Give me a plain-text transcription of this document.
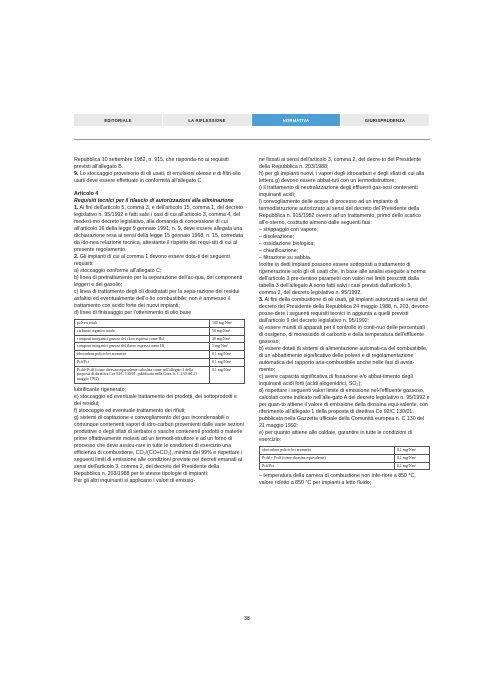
EDITORIALE	LA RIFLESSIONE	NORMATIVA	GIURISPRUDENZA

Repubblica 10 settembre 1982, n. 915, che risponda-no ai requisiti previsti all'allegato B.

9. Lo stoccaggio provvisorio di oli usati, di emulsioni oleose e di filtri olio usati deve essere effettuato in conformità all'allegato C.

Articolo 4

Requisiti tecnici per il rilascio di autorizzazioni alla eliminazione

1. Ai fini dell'articolo 5, comma 3, e dell'articolo 15, comma 1, del decreto legislativo n. 95/1992 e fatti salvi i casi di cui all'articolo 3, comma 4, del medesi-mo decreto legislativo, alla domanda di concessione di cui all'articolo 16 della legge 9 gennaio 1991, n. 9, deve essere allegata una dichiarazione resa ai sensi della legge 15 gennaio 1968, n. 15, corredata da ido-nea relazione tecnica, attestante il rispetto dei requi-siti di cui al presente regolamento.

2. Gli impianti di cui al comma 1 devono essere dota-ti dei seguenti requisiti:

a) stoccaggio conforme all'allegato C;

b) linea di pretrattamento per la separazione dell'ac-qua, dei componenti leggeri e del gasolio;

c) linea di trattamento degli oli disidratati per la sepa-razione dei residui asfaltici ed eventualmente dell'o-lio combustibile; non è ammesso il trattamento con acido forte dei nuovi impianti;

d) linee di finissaggio per l'ottenimento di olio base

polveri totali	100 mg/Nm³
carbonio organico totale	50 mg/Nm³
composti inorganici gassosi del cloro espressi come Hcl	30 mg/Nm³
composti inorganici gassosi del fluoro espressi come Hf	5 mg/Nm³
idrocarburi policiclici aromatici	0.1 mg/Nm³
Pcb/Pct	0.1 mg/Nm³
Pcdd+Pcdf (come diossina equivalente calcolata come nell'allegato 1 della proposta di direttiva Cee 92/C 130/01, pubblicata nella Gazz. n. C.130 del 21 maggio 1992)	0.1 mg/Nm³

lubrificante rigenerato;

e) stoccaggio ed eventuale trattamento dei prodotti, dei sottoprodotti e dei residui;

f) stoccaggio ed eventuale trattamento dei rifiuti;

g) sistemi di captazione e convogliamento dei gas incondensabili o comunque contenenti vapori di idro-carburi provenienti dalle varie sezioni produttive o degli sfiati di serbatoi o vasche contenenti prodotti o materie prime offattivamente molesti ad un termodi-struttore e ad un forno di processo che deve assicu-rare in tutte le condizioni di esercizio una efficienza di combustione, CO₂/(CO+CO₂), minima del 99% e rispettare i seguenti limiti di emissione alle condizioni previste nei decreti emanati ai sensi dell'articolo 3, comma 2, del decreto del Presidente della Repubblica n. 203/1988 per le stesse tipologie di impianti:

Per gli altri inquinanti si applicano i valori di emissio-

ne fissati ai sensi dell'articolo 3, comma 2, del decre-to del Presidente della Repubblica n. 203/1988;

h) per gli impianti nuovi, i vapori degli idrocarburi e degli sfiati di cui alla lettera g) devono essere abbat-tuti con un termodistruttore;

i) il trattamento di neutralizzazione degli effluenti gas-sosi contenenti inquinanti acidi;

l) convogliamento delle acque di processo ad un impianto di termodistruzione autorizzato ai sensi del decreto del Presidente della Repubblica n. 915/1982 ovvero ad un trattamento, primo dello scarico all'e-sterno, costituito almeno dalle seguenti fasi:

– strippaggio con vapore;

– disoleazione;

– ossidazione biologica;

– chiarificazione;

– filtrazione su sabbia.

Inoltre in detti impianti possono essere sottoposti a trattamento di rigenerazione solo gli oli usati che, in base alle analisi eseguite a norma dell'articolo 3 pre-sentino parametri con valori nei limiti prescritti dalla tabella 3 dell'allegato A sono fatti salvi i casi previsti dall'articolo 5, comma 2, del decreto legislativo n. 95/1992.

3. Ai fini della combustione di oli usati, gli impianti autorizzati ai sensi del decreto del Presidente della Repubblica 24 maggio 1988, n. 203, devono posse-dere i seguenti requisiti tecnici in aggiunta a quelli previsti dall'articolo 9 del decreto legislativo n. 95/1992:

a) essere muniti di apparati per il controllo in conti-nuo delle percentuali di ossigeno, di monossido di carbonio e della temperatura dell'effluente gassoso;

b) essere dotati di sistemi di alimentazione automati-ca del combustibile, di un abbattimento significativo delle polveri e di regolamentazione automatica del rapporto aria-combustibile anche nelle fasi di avvia-mento;

c) avere capacità significativa di fissazione e/o abbat-timento degli inquinanti acidi forti (acidi alogenidrici, SO₂);

d) rispettare i seguenti valori limite di emissione nel-l'effluente gassoso, calcolati come indicato nell'alle-gato A del decreto legislativo n. 95/1992 e per quan-to attiene il valore di emissione della diossina equi-valente, con riferimento all'allegato 1 della proposta di direttiva Ce 92/C 130/01, pubblicata nella Gazzetta ufficiale della Comunità europea n. C 130 del 21 maggio 1992:

e) per quanto attiene alle caldaie, garantire in tutte le condizioni di esercizio:

idrocarburi policiclici aromatici	0,1 mg/Nm³
Pcdd + Pcdf (come diossina equivalente)	0,1 mg/Nm³
Pcb/Pct	0,1 mg/Nm³

– temperatura della camera di combustione non infe-riore a 850 °C, valore ridotto a 850 °C per impianti a letto fluido;

38
